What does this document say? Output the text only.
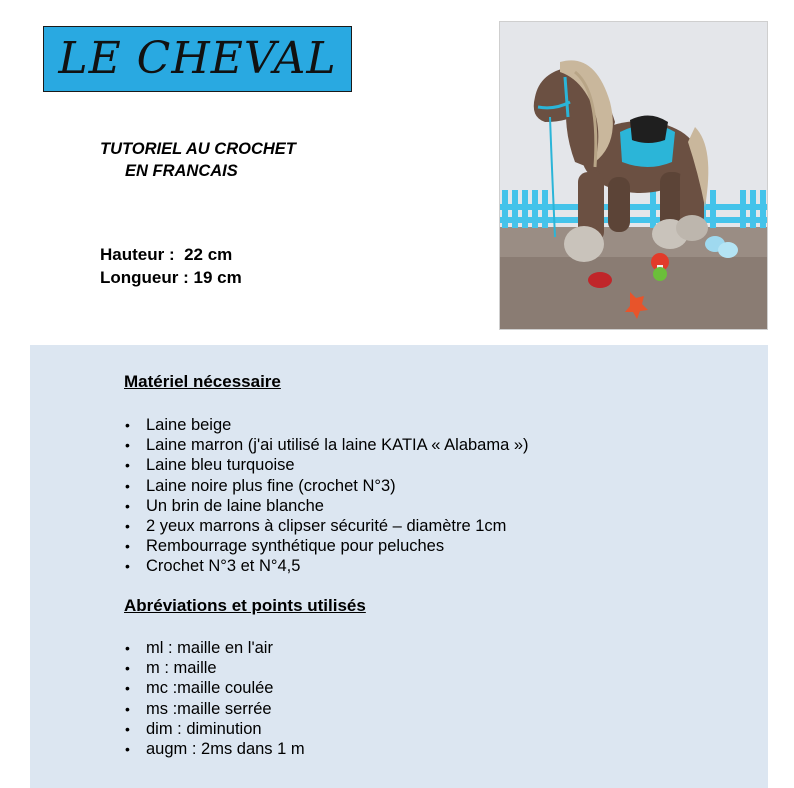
LE CHEVAL
TUTORIEL AU CROCHET
EN FRANCAIS
Hauteur : 22 cm
Longueur : 19 cm
Matériel nécessaire
• Laine beige
• Laine marron (j'ai utilisé la laine KATIA « Alabama »)
• Laine bleu turquoise
• Laine noire plus fine (crochet N°3)
• Un brin de laine blanche
• 2 yeux marrons à clipser sécurité – diamètre 1cm
• Rembourrage synthétique pour peluches
• Crochet N°3 et N°4,5
Abréviations et points utilisés
• ml : maille en l'air
• m : maille
• mc :maille coulée
• ms :maille serrée
• dim : diminution
• augm : 2ms dans 1 m
